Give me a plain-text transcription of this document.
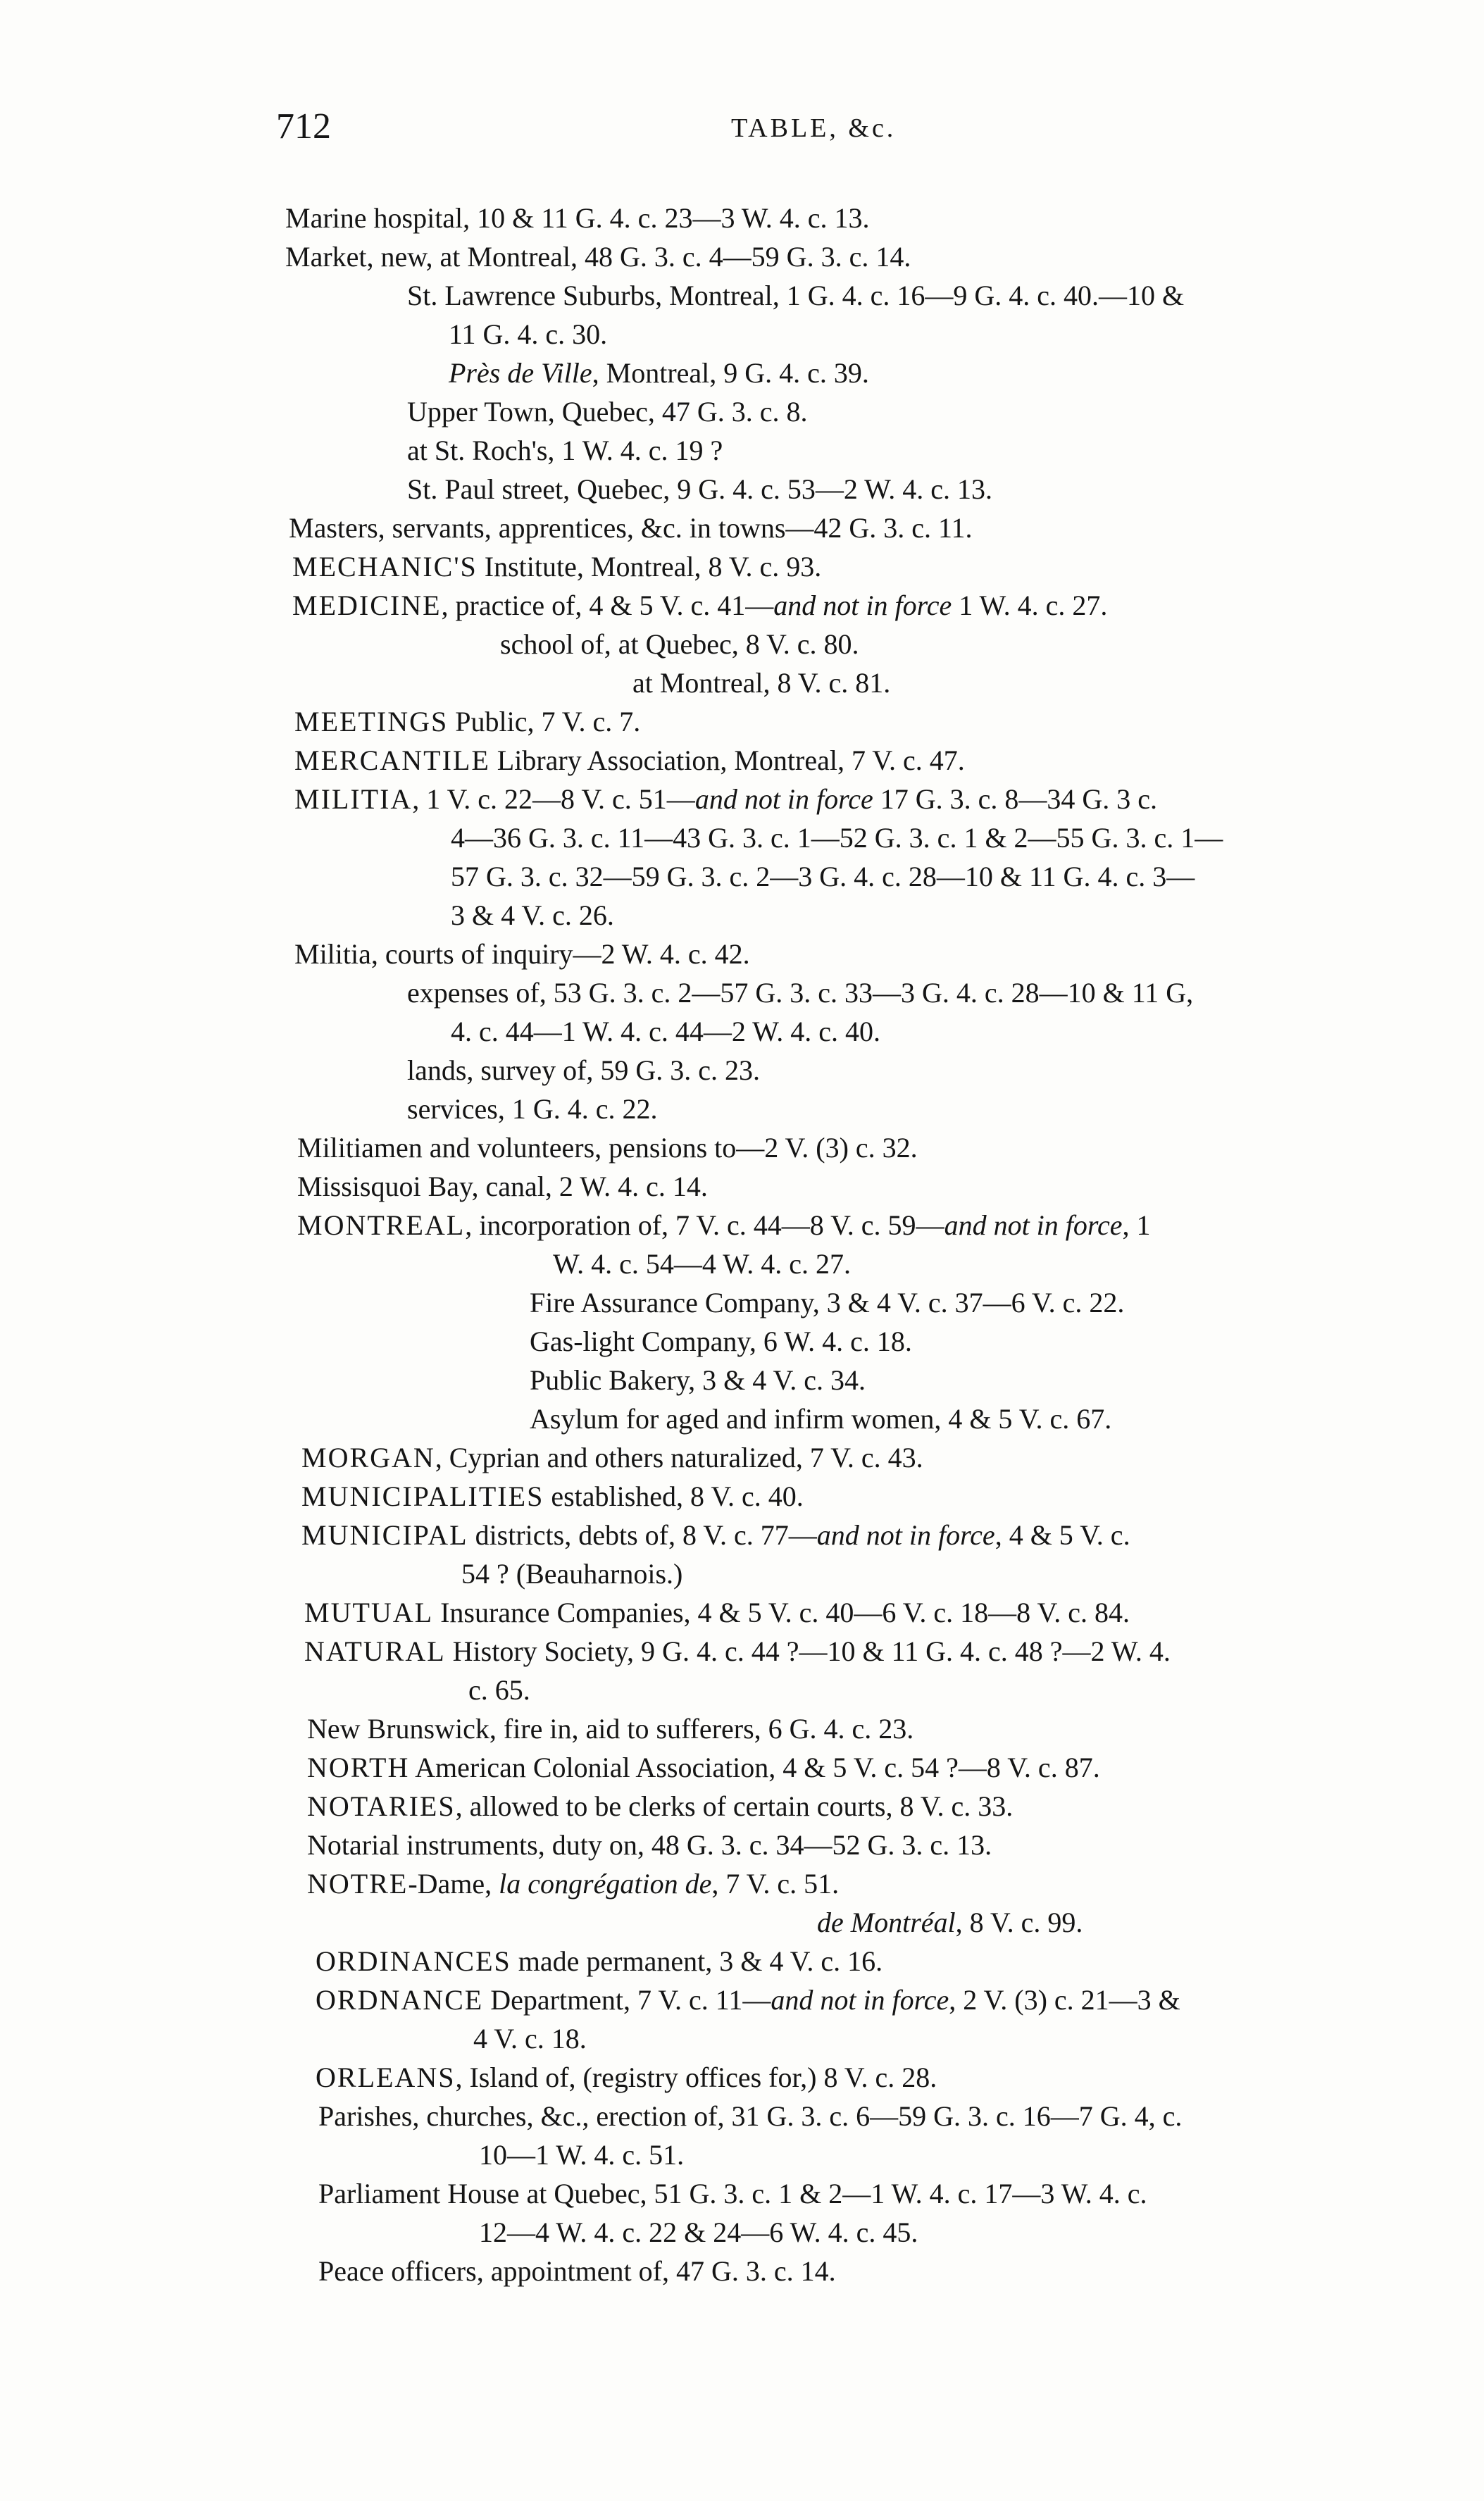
712	TABLE, &c.
Marine hospital, 10 & 11 G. 4. c. 23—3 W. 4. c. 13.
Market, new, at Montreal, 48 G. 3. c. 4—59 G. 3. c. 14.
St. Lawrence Suburbs, Montreal, 1 G. 4. c. 16—9 G. 4. c. 40.—10 &
11 G. 4. c. 30.
Près de Ville, Montreal, 9 G. 4. c. 39.
Upper Town, Quebec, 47 G. 3. c. 8.
at St. Roch's, 1 W. 4. c. 19 ?
St. Paul street, Quebec, 9 G. 4. c. 53—2 W. 4. c. 13.
Masters, servants, apprentices, &c. in towns—42 G. 3. c. 11.
MECHANIC'S Institute, Montreal, 8 V. c. 93.
MEDICINE, practice of, 4 & 5 V. c. 41—and not in force 1 W. 4. c. 27.
school of, at Quebec, 8 V. c. 80.
at Montreal, 8 V. c. 81.
MEETINGS Public, 7 V. c. 7.
MERCANTILE Library Association, Montreal, 7 V. c. 47.
MILITIA, 1 V. c. 22—8 V. c. 51—and not in force 17 G. 3. c. 8—34 G. 3 c.
4—36 G. 3. c. 11—43 G. 3. c. 1—52 G. 3. c. 1 & 2—55 G. 3. c. 1—
57 G. 3. c. 32—59 G. 3. c. 2—3 G. 4. c. 28—10 & 11 G. 4. c. 3—
3 & 4 V. c. 26.
Militia, courts of inquiry—2 W. 4. c. 42.
expenses of, 53 G. 3. c. 2—57 G. 3. c. 33—3 G. 4. c. 28—10 & 11 G,
4. c. 44—1 W. 4. c. 44—2 W. 4. c. 40.
lands, survey of, 59 G. 3. c. 23.
services, 1 G. 4. c. 22.
Militiamen and volunteers, pensions to—2 V. (3) c. 32.
Missisquoi Bay, canal, 2 W. 4. c. 14.
MONTREAL, incorporation of, 7 V. c. 44—8 V. c. 59—and not in force, 1
W. 4. c. 54—4 W. 4. c. 27.
Fire Assurance Company, 3 & 4 V. c. 37—6 V. c. 22.
Gas-light Company, 6 W. 4. c. 18.
Public Bakery, 3 & 4 V. c. 34.
Asylum for aged and infirm women, 4 & 5 V. c. 67.
MORGAN, Cyprian and others naturalized, 7 V. c. 43.
MUNICIPALITIES established, 8 V. c. 40.
MUNICIPAL districts, debts of, 8 V. c. 77—and not in force, 4 & 5 V. c.
54 ? (Beauharnois.)
MUTUAL Insurance Companies, 4 & 5 V. c. 40—6 V. c. 18—8 V. c. 84.
NATURAL History Society, 9 G. 4. c. 44 ?—10 & 11 G. 4. c. 48 ?—2 W. 4.
c. 65.
New Brunswick, fire in, aid to sufferers, 6 G. 4. c. 23.
NORTH American Colonial Association, 4 & 5 V. c. 54 ?—8 V. c. 87.
NOTARIES, allowed to be clerks of certain courts, 8 V. c. 33.
Notarial instruments, duty on, 48 G. 3. c. 34—52 G. 3. c. 13.
NOTRE-Dame, la congrégation de, 7 V. c. 51.
de Montréal, 8 V. c. 99.
ORDINANCES made permanent, 3 & 4 V. c. 16.
ORDNANCE Department, 7 V. c. 11—and not in force, 2 V. (3) c. 21—3 &
4 V. c. 18.
ORLEANS, Island of, (registry offices for,) 8 V. c. 28.
Parishes, churches, &c., erection of, 31 G. 3. c. 6—59 G. 3. c. 16—7 G. 4, c.
10—1 W. 4. c. 51.
Parliament House at Quebec, 51 G. 3. c. 1 & 2—1 W. 4. c. 17—3 W. 4. c.
12—4 W. 4. c. 22 & 24—6 W. 4. c. 45.
Peace officers, appointment of, 47 G. 3. c. 14.
